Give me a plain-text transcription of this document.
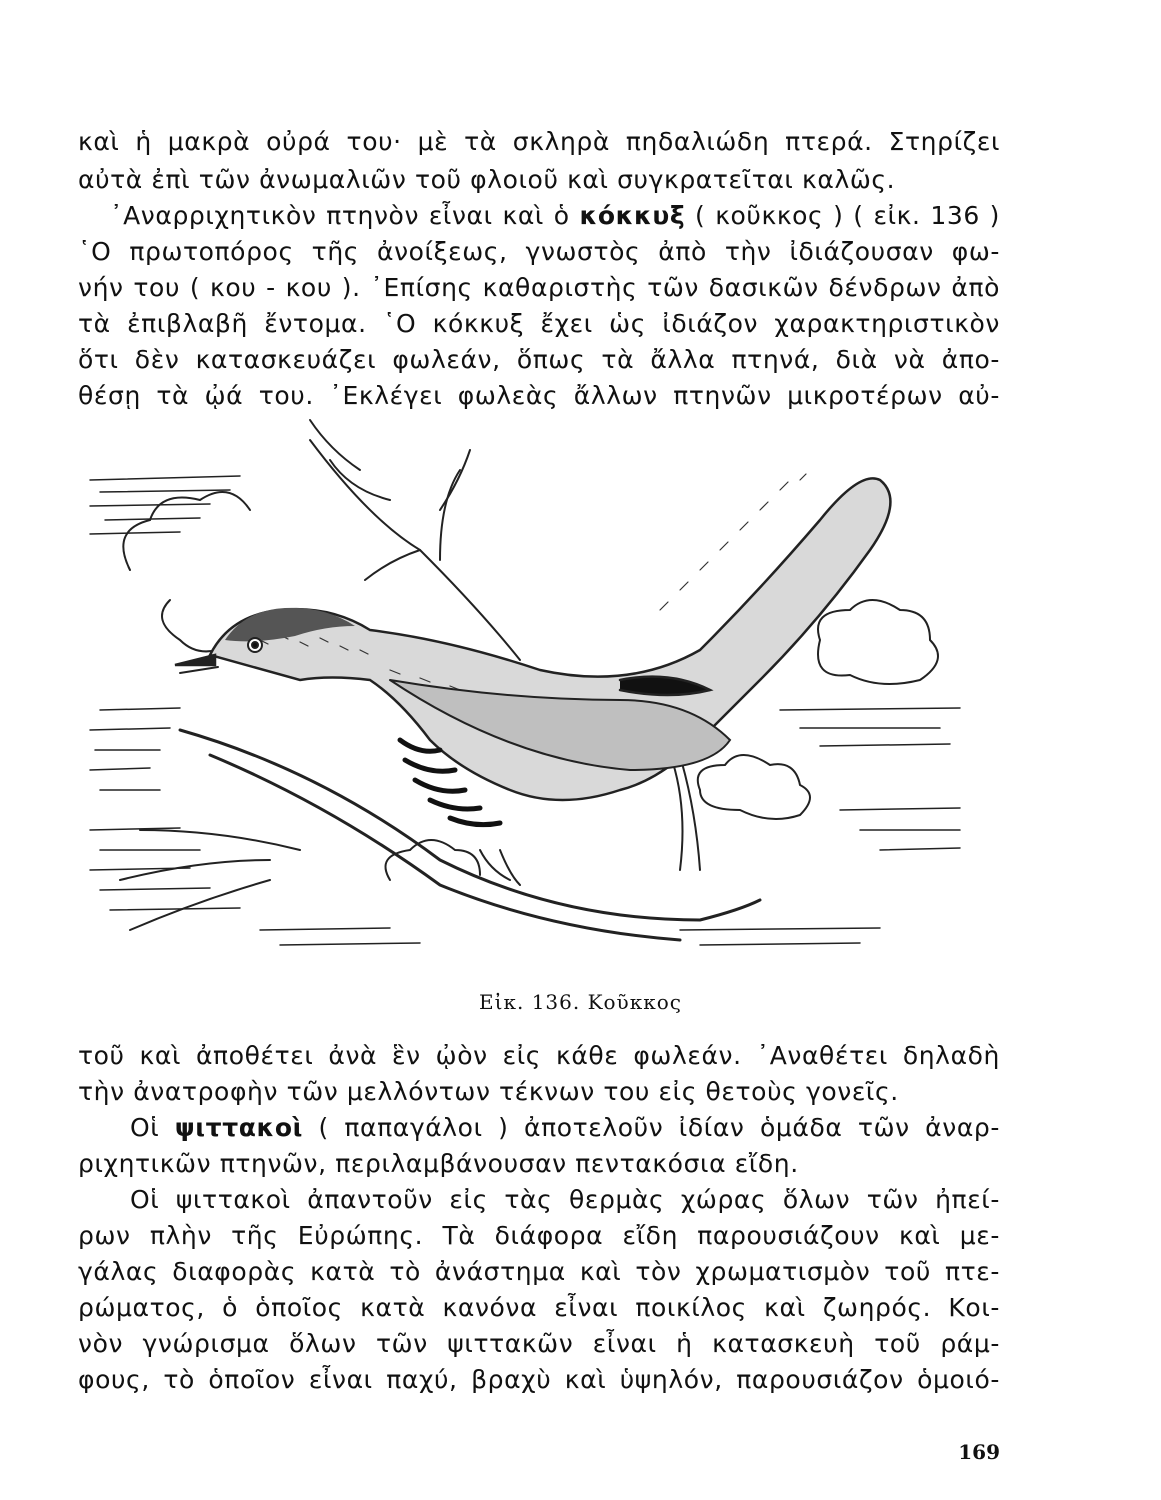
καὶ ἡ μακρὰ οὐρά του· μὲ τὰ σκληρὰ πηδαλιώδη πτερά. Στηρίζει
αὐτὰ ἐπὶ τῶν ἀνωμαλιῶν τοῦ φλοιοῦ καὶ συγκρατεῖται καλῶς.
᾿Αναρριχητικὸν πτηνὸν εἶναι καὶ ὁ κόκκυξ ( κοῦκκος ) ( εἰκ. 136 )
῾Ο πρωτοπόρος τῆς ἀνοίξεως, γνωστὸς ἀπὸ τὴν ἰδιάζουσαν φω-
νήν του ( κου - κου ). ᾿Επίσης καθαριστὴς τῶν δασικῶν δένδρων ἀπὸ
τὰ ἐπιβλαβῆ ἔντομα. ῾Ο κόκκυξ ἔχει ὡς ἰδιάζον χαρακτηριστικὸν
ὅτι δὲν κατασκευάζει φωλεάν, ὅπως τὰ ἄλλα πτηνά, διὰ νὰ ἀπο-
θέσῃ τὰ ᾠά του. ᾿Εκλέγει φωλεὰς ἄλλων πτηνῶν μικροτέρων αὐ-
Εἰκ. 136. Κοῦκκος
τοῦ καὶ ἀποθέτει ἀνὰ ἓν ᾠὸν εἰς κάθε φωλεάν. ᾿Αναθέτει δηλαδὴ
τὴν ἀνατροφὴν τῶν μελλόντων τέκνων του εἰς θετοὺς γονεῖς.
Οἱ ψιττακοὶ ( παπαγάλοι ) ἀποτελοῦν ἰδίαν ὁμάδα τῶν ἀναρ-
ριχητικῶν πτηνῶν, περιλαμβάνουσαν πεντακόσια εἴδη.
Οἱ ψιττακοὶ ἀπαντοῦν εἰς τὰς θερμὰς χώρας ὅλων τῶν ἠπεί-
ρων πλὴν τῆς Εὐρώπης. Τὰ διάφορα εἴδη παρουσιάζουν καὶ με-
γάλας διαφορὰς κατὰ τὸ ἀνάστημα καὶ τὸν χρωματισμὸν τοῦ πτε-
ρώματος, ὁ ὁποῖος κατὰ κανόνα εἶναι ποικίλος καὶ ζωηρός. Κοι-
νὸν γνώρισμα ὅλων τῶν ψιττακῶν εἶναι ἡ κατασκευὴ τοῦ ράμ-
φους, τὸ ὁποῖον εἶναι παχύ, βραχὺ καὶ ὑψηλόν, παρουσιάζον ὁμοιό-
169
